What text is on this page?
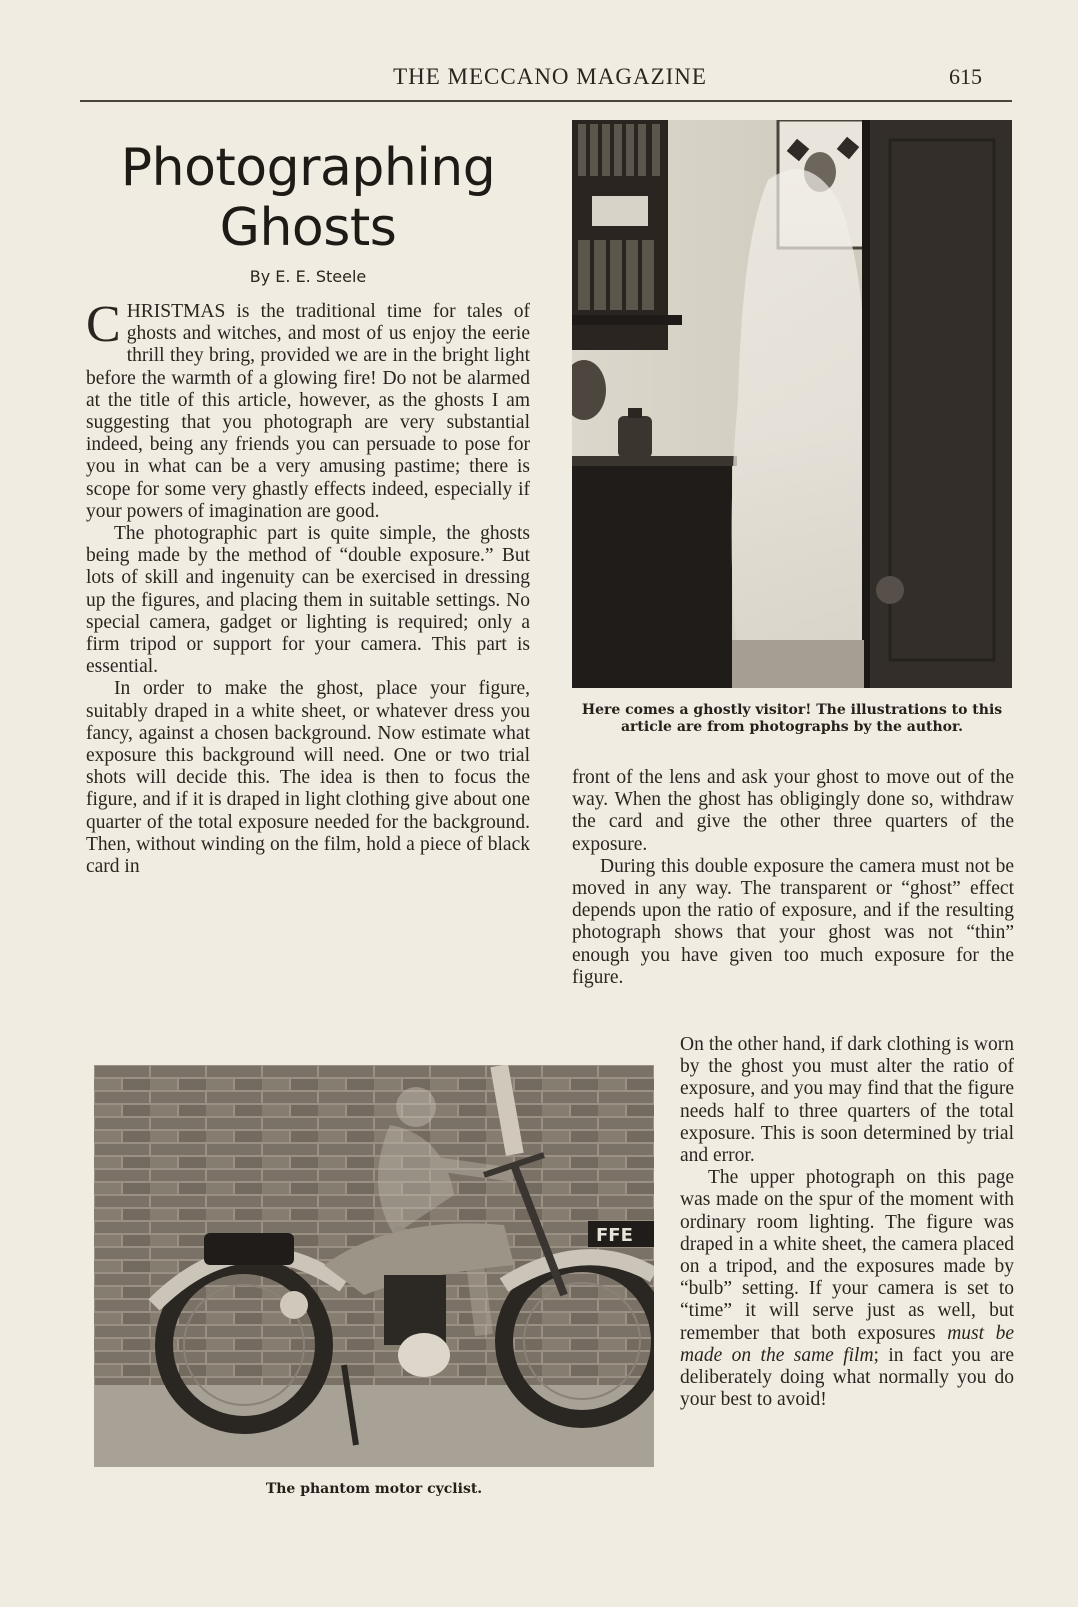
THE MECCANO MAGAZINE	615
Photographing
Ghosts
By E. E. Steele

CHRISTMAS is the traditional time for tales of ghosts and witches, and most of us enjoy the eerie thrill they bring, provided we are in the bright light before the warmth of a glowing fire! Do not be alarmed at the title of this article, however, as the ghosts I am suggesting that you photograph are very substantial indeed, being any friends you can persuade to pose for you in what can be a very amusing pastime; there is scope for some very ghastly effects indeed, especially if your powers of imagination are good.

The photographic part is quite simple, the ghosts being made by the method of “double exposure.” But lots of skill and ingenuity can be exercised in dressing up the figures, and placing them in suitable settings. No special camera, gadget or lighting is required; only a firm tripod or support for your camera. This part is essential.

In order to make the ghost, place your figure, suitably draped in a white sheet, or whatever dress you fancy, against a chosen background. Now estimate what exposure this background will need. One or two trial shots will decide this. The idea is then to focus the figure, and if it is draped in light clothing give about one quarter of the total exposure needed for the background. Then, without winding on the film, hold a piece of black card in

Here comes a ghostly visitor! The illustrations to this article are from photographs by the author.

front of the lens and ask your ghost to move out of the way. When the ghost has obligingly done so, withdraw the card and give the other three quarters of the exposure.

During this double exposure the camera must not be moved in any way. The transparent or “ghost” effect depends upon the ratio of exposure, and if the resulting photograph shows that your ghost was not “thin” enough you have given too much exposure for the figure.

On the other hand, if dark clothing is worn by the ghost you must alter the ratio of exposure, and you may find that the figure needs half to three quarters of the total exposure. This is soon determined by trial and error.

The upper photograph on this page was made on the spur of the moment with ordinary room lighting. The figure was draped in a white sheet, the camera placed on a tripod, and the exposures made by “bulb” setting. If your camera is set to “time” it will serve just as well, but remember that both exposures must be made on the same film; in fact you are deliberately doing what normally you do your best to avoid!

FFE
The phantom motor cyclist.
